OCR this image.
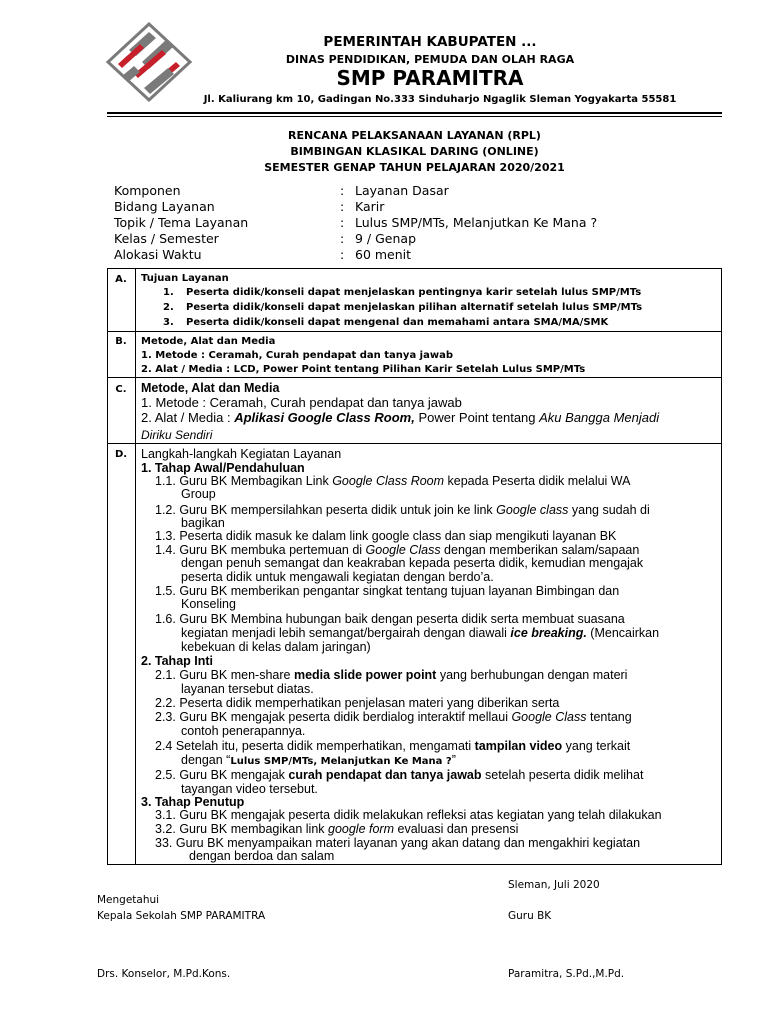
PEMERINTAH KABUPATEN ...
DINAS PENDIDIKAN, PEMUDA DAN OLAH RAGA
SMP PARAMITRA
Jl. Kaliurang km 10, Gadingan No.333 Sinduharjo Ngaglik Sleman Yogyakarta 55581
RENCANA PELAKSANAAN LAYANAN (RPL)
BIMBINGAN KLASIKAL DARING (ONLINE)
SEMESTER GENAP TAHUN PELAJARAN 2020/2021
Komponen	: Layanan Dasar
Bidang Layanan	: Karir
Topik / Tema Layanan	: Lulus SMP/MTs, Melanjutkan Ke Mana ?
Kelas / Semester	: 9 / Genap
Alokasi Waktu	: 60 menit
A.	Tujuan Layanan
1. Peserta didik/konseli dapat menjelaskan pentingnya karir setelah lulus SMP/MTs
2. Peserta didik/konseli dapat menjelaskan pilihan alternatif setelah lulus SMP/MTs
3. Peserta didik/konseli dapat mengenal dan memahami antara SMA/MA/SMK
B.	Metode, Alat dan Media
1. Metode : Ceramah, Curah pendapat dan tanya jawab
2. Alat / Media : LCD, Power Point tentang Pilihan Karir Setelah Lulus SMP/MTs
C.	Metode, Alat dan Media
1. Metode : Ceramah, Curah pendapat dan tanya jawab
2. Alat / Media : Aplikasi Google Class Room, Power Point tentang Aku Bangga Menjadi
Diriku Sendiri
D.	Langkah-langkah Kegiatan Layanan
1. Tahap Awal/Pendahuluan
1.1. Guru BK Membagikan Link Google Class Room kepada Peserta didik melalui WA
Group
1.2. Guru BK mempersilahkan peserta didik untuk join ke link Google class yang sudah di
bagikan
1.3. Peserta didik masuk ke dalam link google class dan siap mengikuti layanan BK
1.4. Guru BK membuka pertemuan di Google Class dengan memberikan salam/sapaan
dengan penuh semangat dan keakraban kepada peserta didik, kemudian mengajak
peserta didik untuk mengawali kegiatan dengan berdo’a.
1.5. Guru BK memberikan pengantar singkat tentang tujuan layanan Bimbingan dan
Konseling
1.6. Guru BK Membina hubungan baik dengan peserta didik serta membuat suasana
kegiatan menjadi lebih semangat/bergairah dengan diawali ice breaking. (Mencairkan
kebekuan di kelas dalam jaringan)
2. Tahap Inti
2.1. Guru BK men-share media slide power point yang berhubungan dengan materi
layanan tersebut diatas.
2.2. Peserta didik memperhatikan penjelasan materi yang diberikan serta
2.3. Guru BK mengajak peserta didik berdialog interaktif mellaui Google Class tentang
contoh penerapannya.
2.4 Setelah itu, peserta didik memperhatikan, mengamati tampilan video yang terkait
dengan “Lulus SMP/MTs, Melanjutkan Ke Mana ?”
2.5. Guru BK mengajak curah pendapat dan tanya jawab setelah peserta didik melihat
tayangan video tersebut.
3. Tahap Penutup
3.1. Guru BK mengajak peserta didik melakukan refleksi atas kegiatan yang telah dilakukan
3.2. Guru BK membagikan link google form evaluasi dan presensi
33. Guru BK menyampaikan materi layanan yang akan datang dan mengakhiri kegiatan
dengan berdoa dan salam
Sleman, Juli 2020
Mengetahui
Kepala Sekolah SMP PARAMITRA	Guru BK
Drs. Konselor, M.Pd.Kons.	Paramitra, S.Pd.,M.Pd.
